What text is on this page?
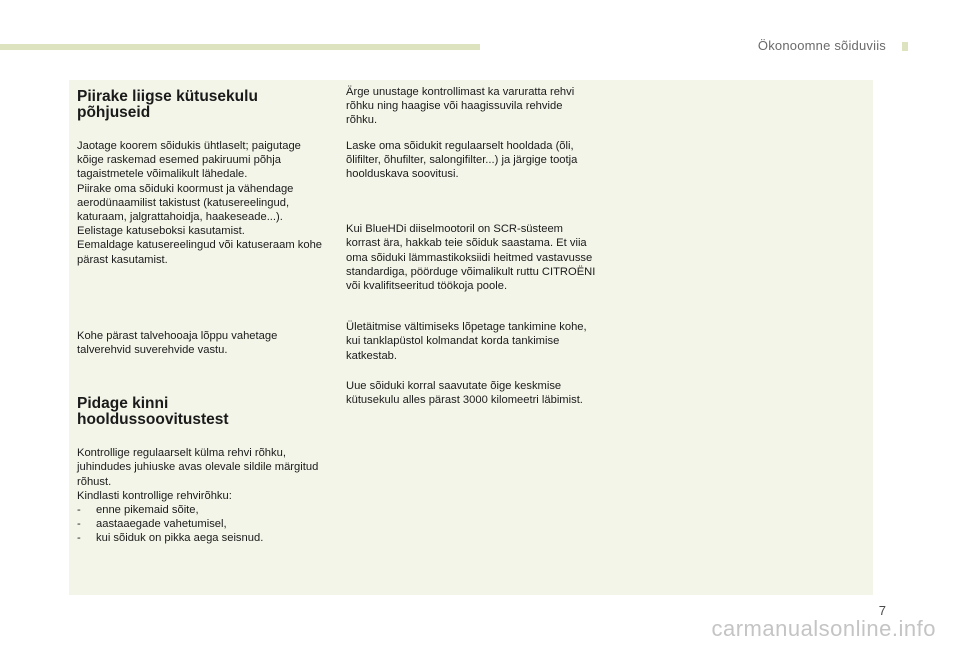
Ökonoomne sõiduviis
Piirake liigse kütusekulu põhjuseid

Jaotage koorem sõidukis ühtlaselt; paigutage kõige raskemad esemed pakiruumi põhja tagaistmetele võimalikult lähedale.
Piirake oma sõiduki koormust ja vähendage aerodünaamilist takistust (katusereelingud, katuraam, jalgrattahoidja, haakeseade...). Eelistage katuseboksi kasutamist.
Eemaldage katusereelingud või katuseraam kohe pärast kasutamist.

Kohe pärast talvehooaja lõppu vahetage talverehvid suverehvide vastu.

Pidage kinni hooldussoovitustest

Kontrollige regulaarselt külma rehvi rõhku, juhindudes juhiuske avas olevale sildile märgitud rõhust.
Kindlasti kontrollige rehvirõhku:

- enne pikemaid sõite,
- aastaaegade vahetumisel,
- kui sõiduk on pikka aega seisnud.

Ärge unustage kontrollimast ka varuratta rehvi rõhku ning haagise või haagissuvila rehvide rõhku.

Laske oma sõidukit regulaarselt hooldada (õli, õlifilter, õhufilter, salongifilter...) ja järgige tootja hoolduskava soovitusi.

Kui BlueHDi diiselmootoril on SCR-süsteem korrast ära, hakkab teie sõiduk saastama. Et viia oma sõiduki lämmastikoksiidi heitmed vastavusse standardiga, pöörduge võimalikult ruttu CITROËNI või kvalifitseeritud töökoja poole.

Ületäitmise vältimiseks lõpetage tankimine kohe, kui tanklapüstol kolmandat korda tankimise katkestab.

Uue sõiduki korral saavutate õige keskmise kütusekulu alles pärast 3000 kilomeetri läbimist.

7
carmanualsonline.info
